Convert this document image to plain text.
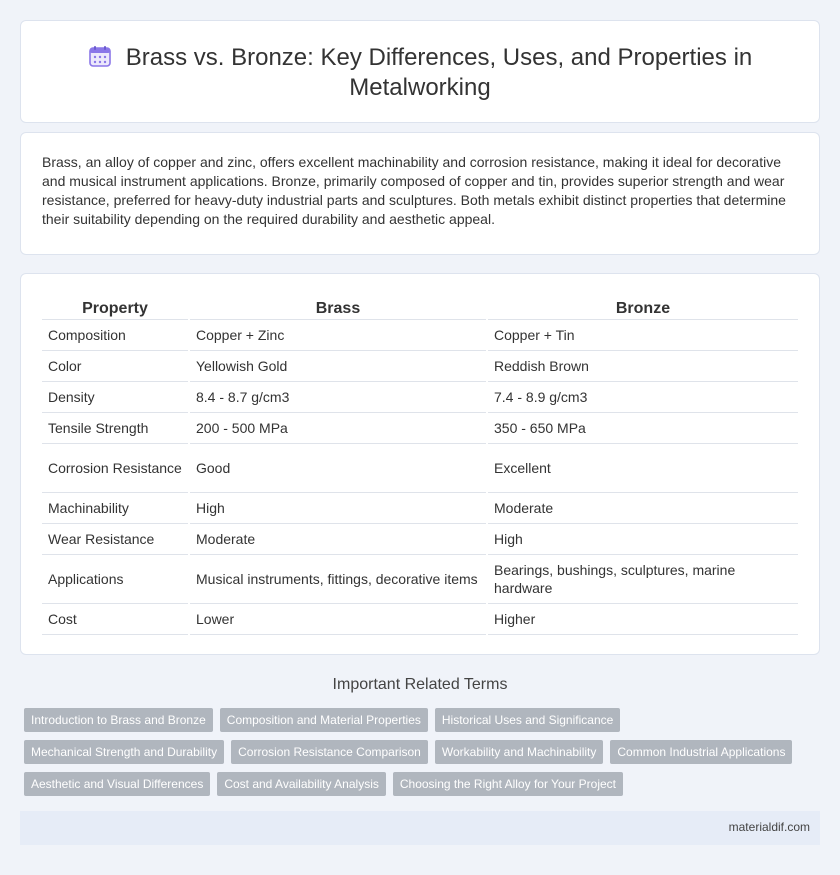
Brass vs. Bronze: Key Differences, Uses, and Properties in Metalworking

Brass, an alloy of copper and zinc, offers excellent machinability and corrosion resistance, making it ideal for decorative and musical instrument applications. Bronze, primarily composed of copper and tin, provides superior strength and wear resistance, preferred for heavy-duty industrial parts and sculptures. Both metals exhibit distinct properties that determine their suitability depending on the required durability and aesthetic appeal.

Property	Brass	Bronze
Composition	Copper + Zinc	Copper + Tin
Color	Yellowish Gold	Reddish Brown
Density	8.4 - 8.7 g/cm3	7.4 - 8.9 g/cm3
Tensile Strength	200 - 500 MPa	350 - 650 MPa
Corrosion Resistance	Good	Excellent
Machinability	High	Moderate
Wear Resistance	Moderate	High
Applications	Musical instruments, fittings, decorative items	Bearings, bushings, sculptures, marine hardware
Cost	Lower	Higher
Important Related Terms
Introduction to Brass and Bronze	Composition and Material Properties	Historical Uses and Significance
Mechanical Strength and Durability	Corrosion Resistance Comparison	Workability and Machinability	Common Industrial Applications
Aesthetic and Visual Differences	Cost and Availability Analysis	Choosing the Right Alloy for Your Project
materialdif.com
